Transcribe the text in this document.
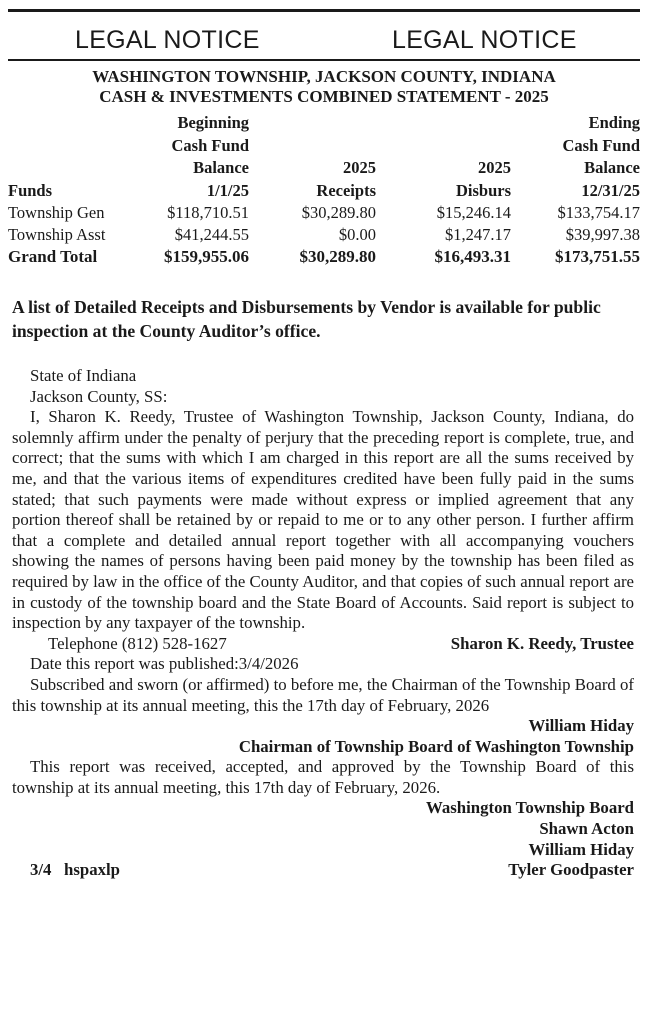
LEGAL NOTICE	LEGAL NOTICE
WASHINGTON TOWNSHIP, JACKSON COUNTY, INDIANA
CASH & INVESTMENTS COMBINED STATEMENT - 2025
	Beginning			Ending
	Cash Fund			Cash Fund
	Balance	2025	2025	Balance
Funds	1/1/25	Receipts	Disburs	12/31/25
Township Gen	$118,710.51	$30,289.80	$15,246.14	$133,754.17
Township Asst	$41,244.55	$0.00	$1,247.17	$39,997.38
Grand Total	$159,955.06	$30,289.80	$16,493.31	$173,751.55
A list of Detailed Receipts and Disbursements by Vendor is available for public inspection at the County Auditor’s office.

State of Indiana

Jackson County, SS:

I, Sharon K. Reedy, Trustee of Washington Township, Jackson County, Indiana, do solemnly affirm under the penalty of perjury that the preceding report is complete, true, and correct; that the sums with which I am charged in this report are all the sums received by me, and that the various items of expenditures credited have been fully paid in the sums stated; that such payments were made without express or implied agreement that any portion thereof shall be retained by or repaid to me or to any other person. I further affirm that a complete and detailed annual report together with all accompanying vouchers showing the names of persons having been paid money by the township has been filed as required by law in the office of the County Auditor, and that copies of such annual report are in custody of the township board and the State Board of Accounts. Said report is subject to inspection by any taxpayer of the township.

Telephone (812) 528-1627	Sharon K. Reedy, Trustee

Date this report was published:3/4/2026

Subscribed and sworn (or affirmed) to before me, the Chairman of the Township Board of this township at its annual meeting, this the 17th day of February, 2026

William Hiday

Chairman of Township Board of Washington Township

This report was received, accepted, and approved by the Township Board of this township at its annual meeting, this 17th day of February, 2026.

Washington Township Board

Shawn Acton

William Hiday

3/4   hspaxlp	Tyler Goodpaster
